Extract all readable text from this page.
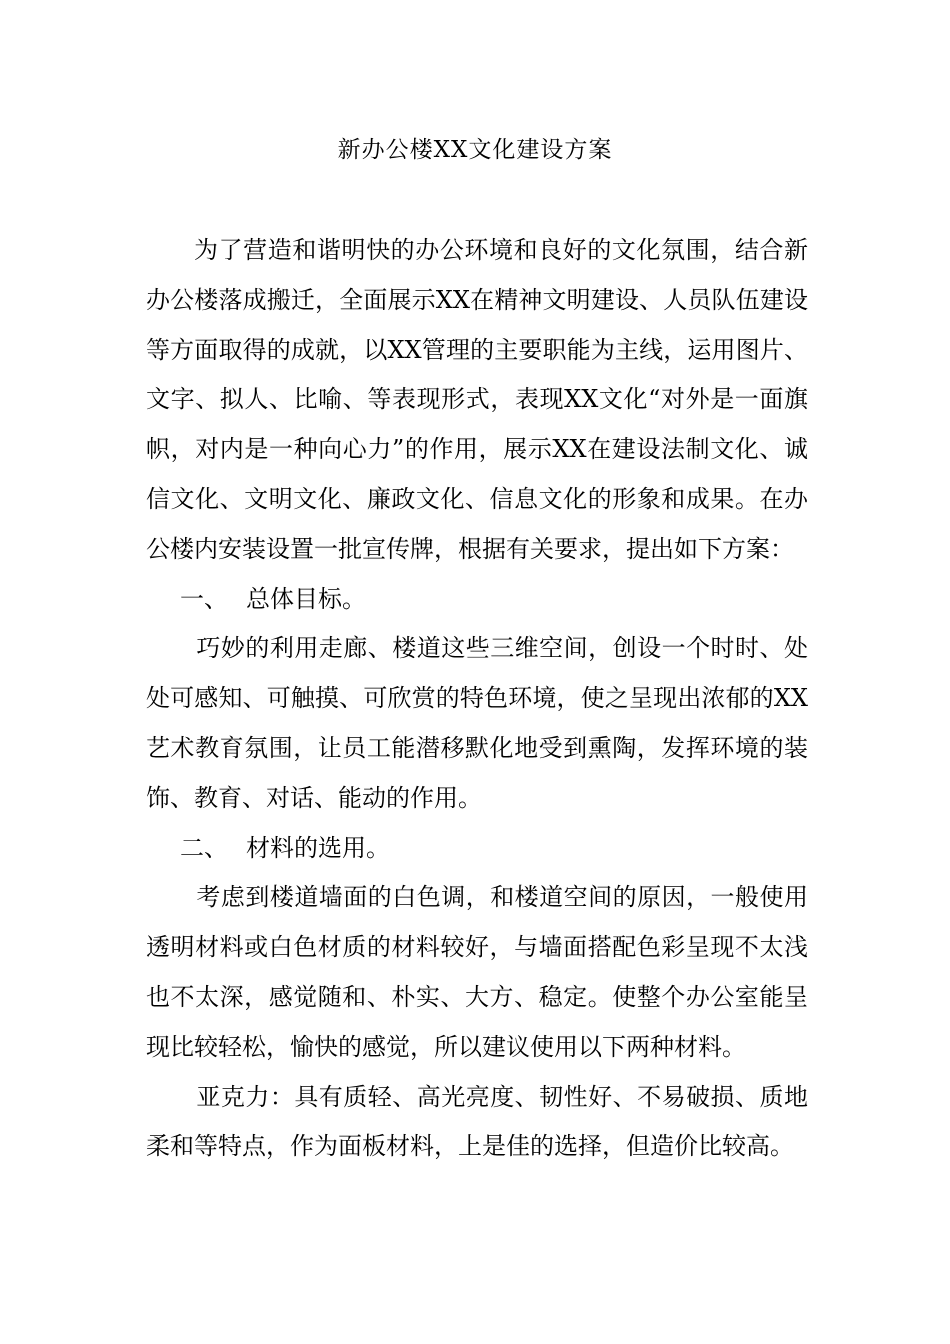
新办公楼XX文化建设方案

为了营造和谐明快的办公环境和良好的文化氛围，结合新办公楼落成搬迁，全面展示XX在精神文明建设、人员队伍建设等方面取得的成就，以XX管理的主要职能为主线，运用图片、文字、拟人、比喻、等表现形式，表现XX文化“对外是一面旗帜，对内是一种向心力”的作用，展示XX在建设法制文化、诚信文化、文明文化、廉政文化、信息文化的形象和成果。在办公楼内安装设置一批宣传牌，根据有关要求，提出如下方案：

一、 总体目标。

巧妙的利用走廊、楼道这些三维空间，创设一个时时、处处可感知、可触摸、可欣赏的特色环境，使之呈现出浓郁的XX艺术教育氛围，让员工能潜移默化地受到熏陶，发挥环境的装饰、教育、对话、能动的作用。

二、 材料的选用。

考虑到楼道墙面的白色调，和楼道空间的原因，一般使用透明材料或白色材质的材料较好，与墙面搭配色彩呈现不太浅也不太深，感觉随和、朴实、大方、稳定。使整个办公室能呈现比较轻松，愉快的感觉，所以建议使用以下两种材料。

亚克力：具有质轻、高光亮度、韧性好、不易破损、质地柔和等特点，作为面板材料，上是佳的选择，但造价比较高。
